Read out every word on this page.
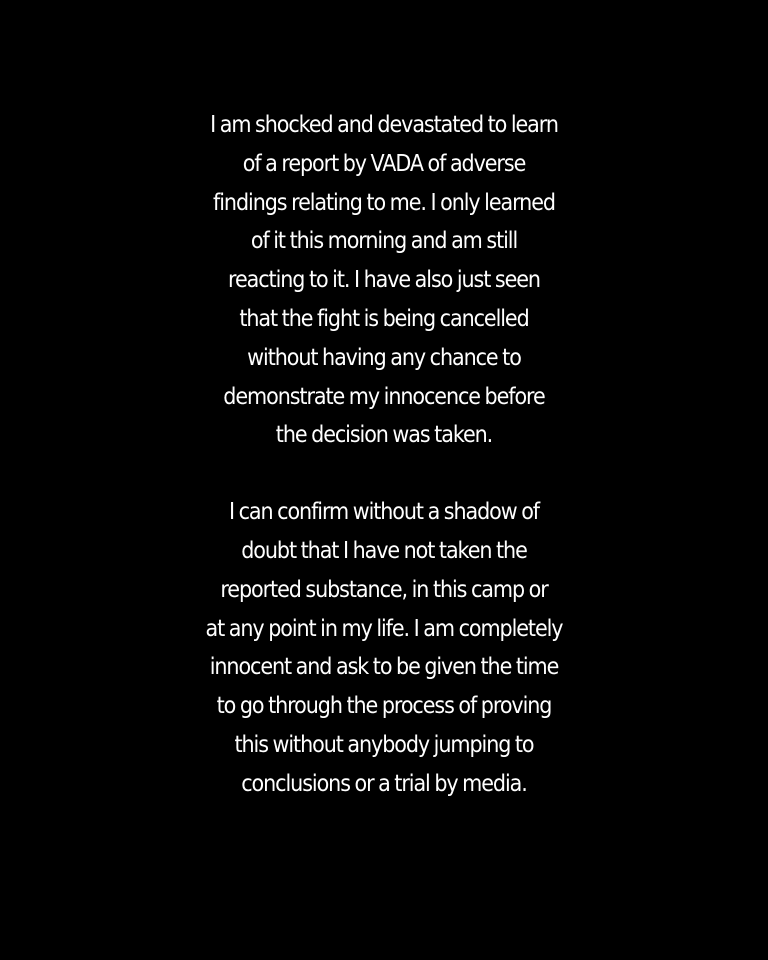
I am shocked and devastated to learn
of a report by VADA of adverse
findings relating to me. I only learned
of it this morning and am still
reacting to it. I have also just seen
that the fight is being cancelled
without having any chance to
demonstrate my innocence before
the decision was taken.
I can confirm without a shadow of
doubt that I have not taken the
reported substance, in this camp or
at any point in my life. I am completely
innocent and ask to be given the time
to go through the process of proving
this without anybody jumping to
conclusions or a trial by media.
